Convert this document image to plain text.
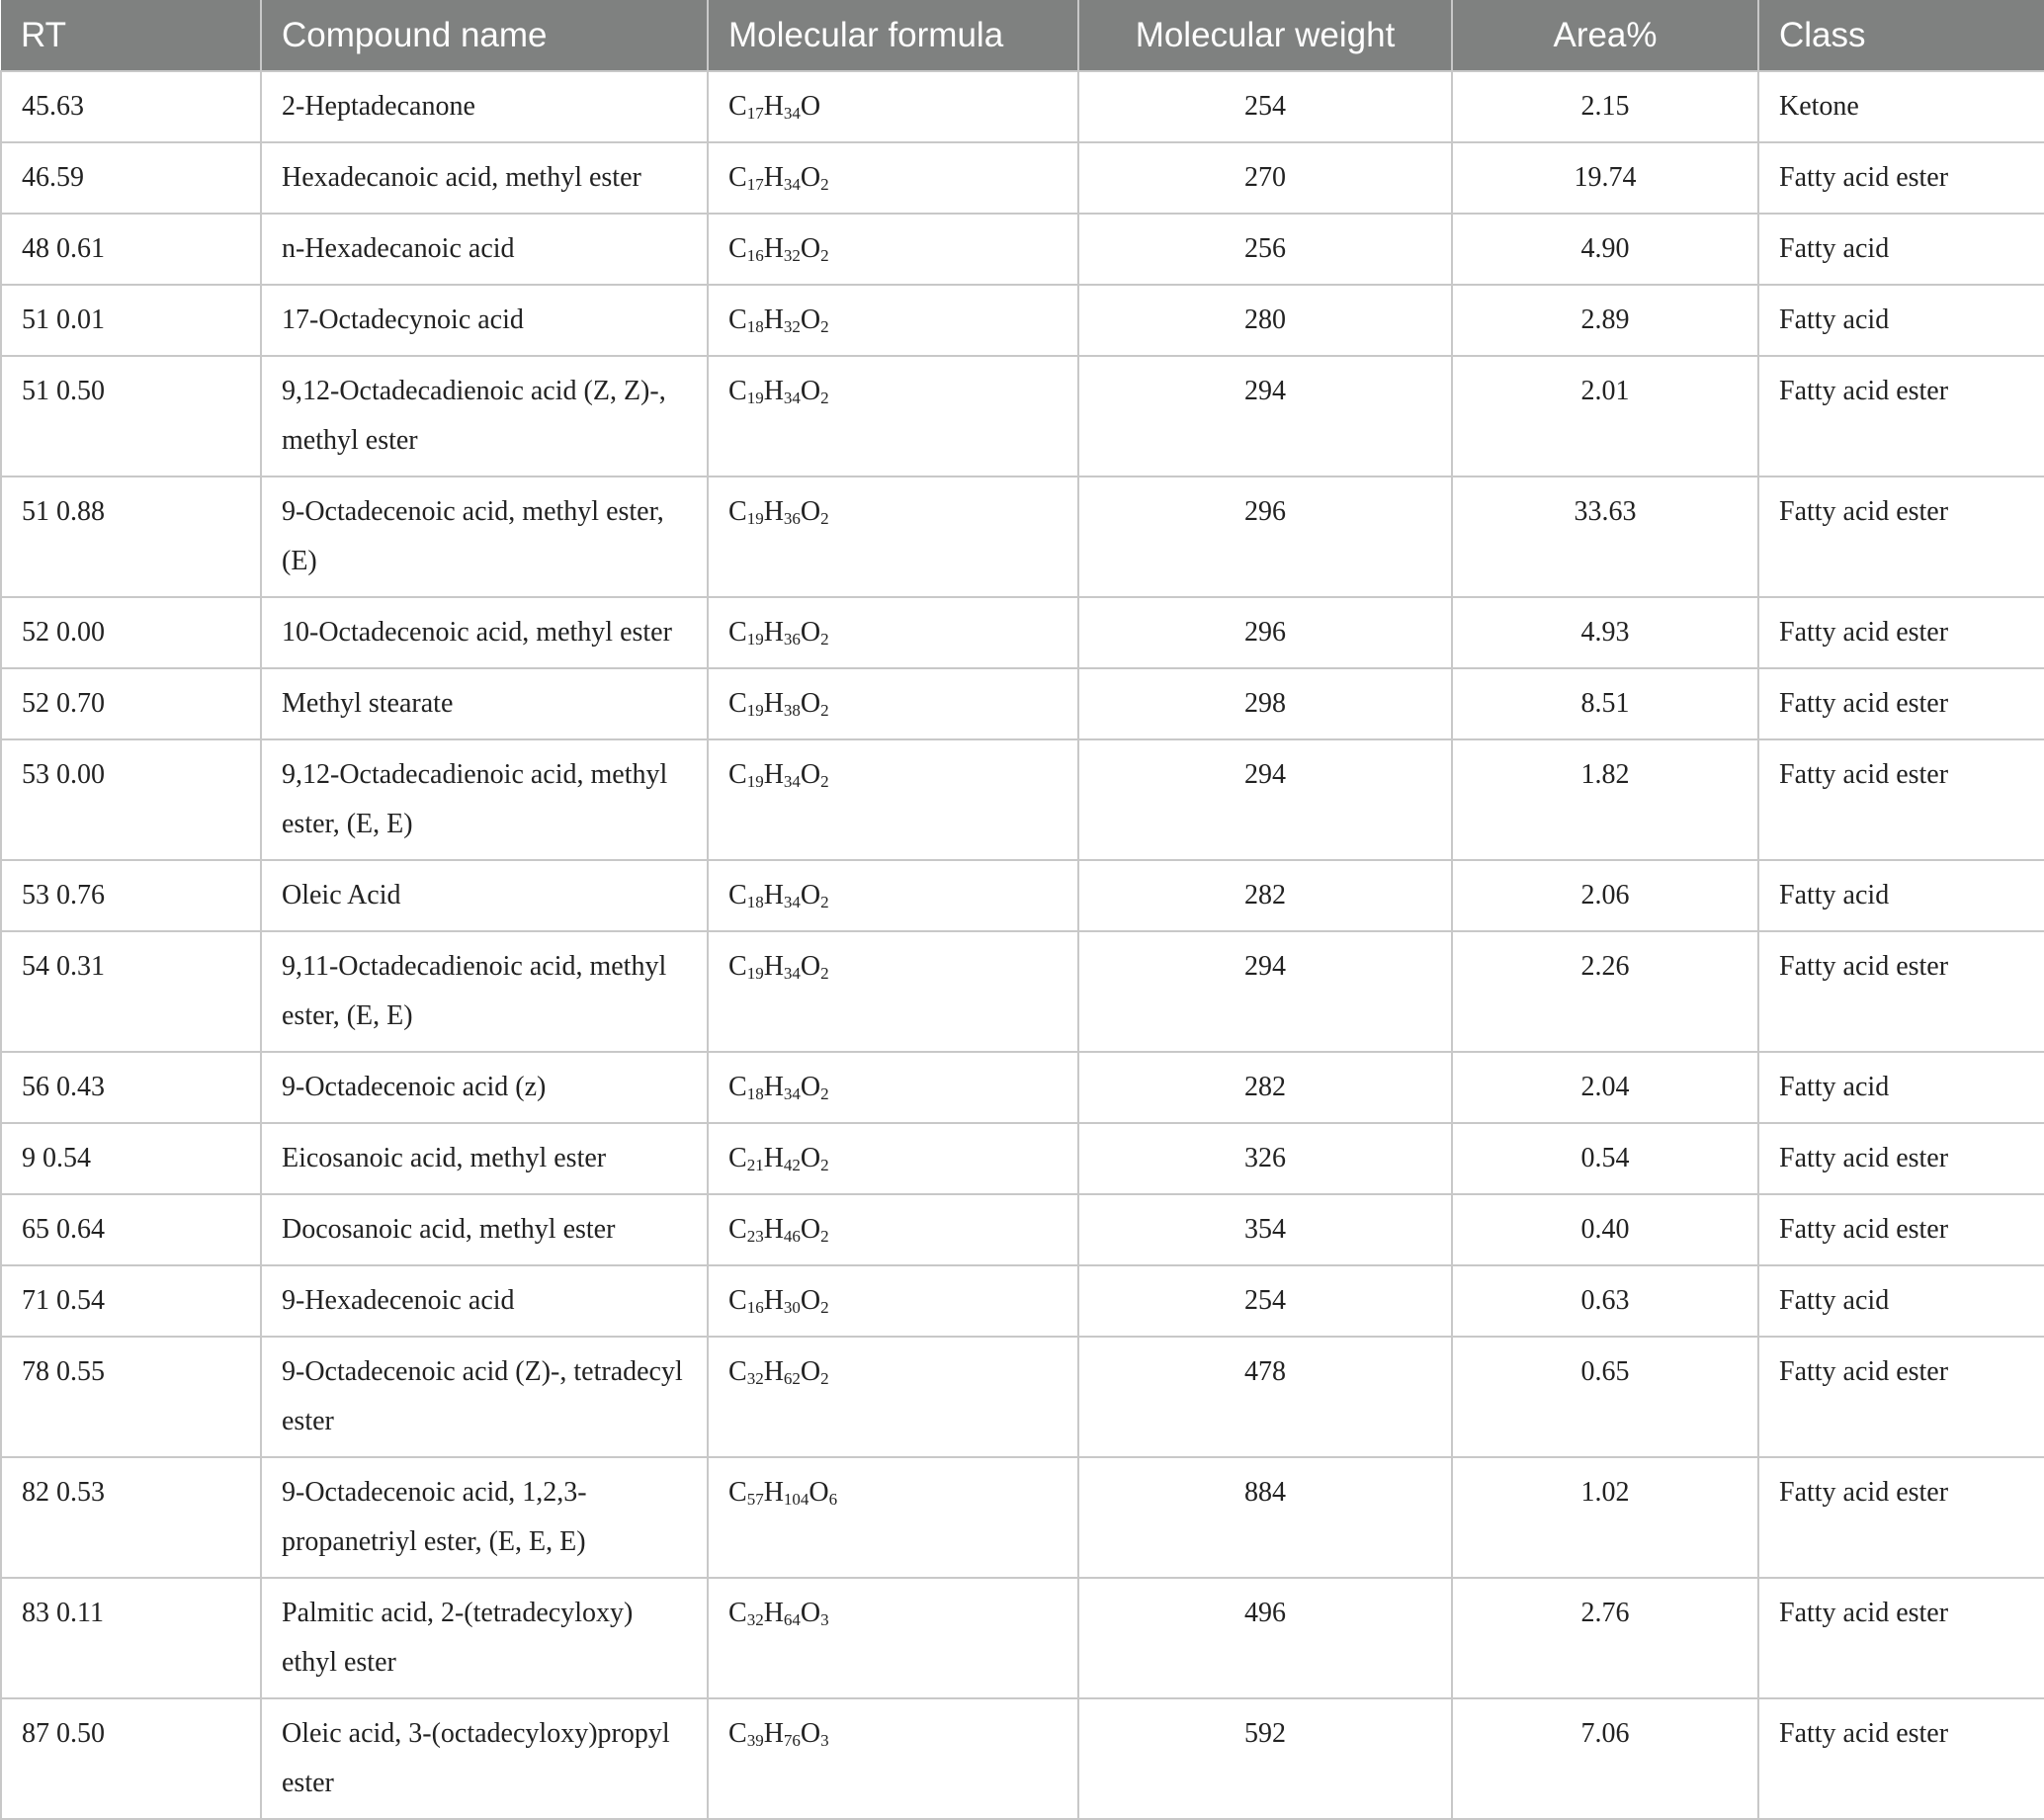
RT	Compound name	Molecular formula	Molecular weight	Area%	Class
45.63	2-Heptadecanone	$C_{17}H_{34}O$	254	2.15	Ketone
46.59	Hexadecanoic acid, methyl ester	$C_{17}H_{34}O_2$	270	19.74	Fatty acid ester
48 0.61	n-Hexadecanoic acid	$C_{16}H_{32}O_2$	256	4.90	Fatty acid
51 0.01	17-Octadecynoic acid	$C_{18}H_{32}O_2$	280	2.89	Fatty acid
51 0.50	9,12-Octadecadienoic acid (Z, Z)-, methyl ester	$C_{19}H_{34}O_2$	294	2.01	Fatty acid ester
51 0.88	9-Octadecenoic acid, methyl ester, (E)	$C_{19}H_{36}O_2$	296	33.63	Fatty acid ester
52 0.00	10-Octadecenoic acid, methyl ester	$C_{19}H_{36}O_2$	296	4.93	Fatty acid ester
52 0.70	Methyl stearate	$C_{19}H_{38}O_2$	298	8.51	Fatty acid ester
53 0.00	9,12-Octadecadienoic acid, methyl ester, (E, E)	$C_{19}H_{34}O_2$	294	1.82	Fatty acid ester
53 0.76	Oleic Acid	$C_{18}H_{34}O_2$	282	2.06	Fatty acid
54 0.31	9,11-Octadecadienoic acid, methyl ester, (E, E)	$C_{19}H_{34}O_2$	294	2.26	Fatty acid ester
56 0.43	9-Octadecenoic acid (z)	$C_{18}H_{34}O_2$	282	2.04	Fatty acid
9 0.54	Eicosanoic acid, methyl ester	$C_{21}H_{42}O_2$	326	0.54	Fatty acid ester
65 0.64	Docosanoic acid, methyl ester	$C_{23}H_{46}O_2$	354	0.40	Fatty acid ester
71 0.54	9-Hexadecenoic acid	$C_{16}H_{30}O_2$	254	0.63	Fatty acid
78 0.55	9-Octadecenoic acid (Z)-, tetradecyl ester	$C_{32}H_{62}O_2$	478	0.65	Fatty acid ester
82 0.53	9-Octadecenoic acid, 1,2,3-propanetriyl ester, (E, E, E)	$C_{57}H_{104}O_6$	884	1.02	Fatty acid ester
83 0.11	Palmitic acid, 2-(tetradecyloxy) ethyl ester	$C_{32}H_{64}O_3$	496	2.76	Fatty acid ester
87 0.50	Oleic acid, 3-(octadecyloxy)propyl ester	$C_{39}H_{76}O_3$	592	7.06	Fatty acid ester
